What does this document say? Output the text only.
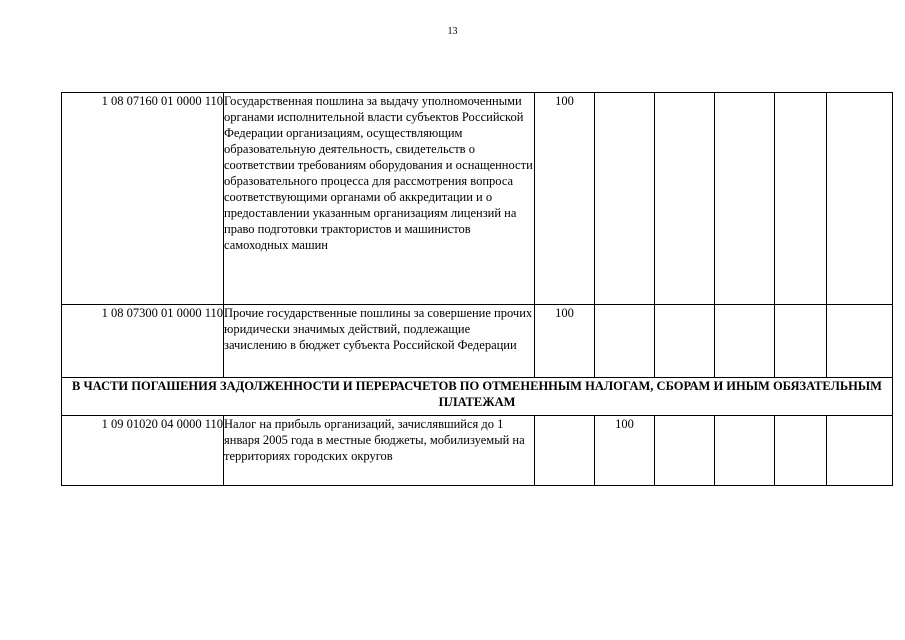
13
1 08 07160 01 0000 110	Государственная пошлина за выдачу уполномоченными органами исполнительной власти субъектов Российской Федерации организациям, осуществляющим образовательную деятельность, свидетельств о соответствии требованиям оборудования и оснащенности образовательного процесса для рассмотрения вопроса соответствующими органами об аккредитации и о предоставлении указанным организациям лицензий на право подготовки трактористов и машинистов самоходных машин	100					
1 08 07300 01 0000 110	Прочие государственные пошлины за совершение прочих юридически значимых действий, подлежащие зачислению в бюджет субъекта Российской Федерации	100					
В ЧАСТИ ПОГАШЕНИЯ ЗАДОЛЖЕННОСТИ И ПЕРЕРАСЧЕТОВ ПО ОТМЕНЕННЫМ НАЛОГАМ, СБОРАМ И ИНЫМ ОБЯЗАТЕЛЬНЫМ ПЛАТЕЖАМ							
1 09 01020 04 0000 110	Налог на прибыль организаций, зачислявшийся до 1 января 2005 года в местные бюджеты, мобилизуемый на территориях городских округов		100				
